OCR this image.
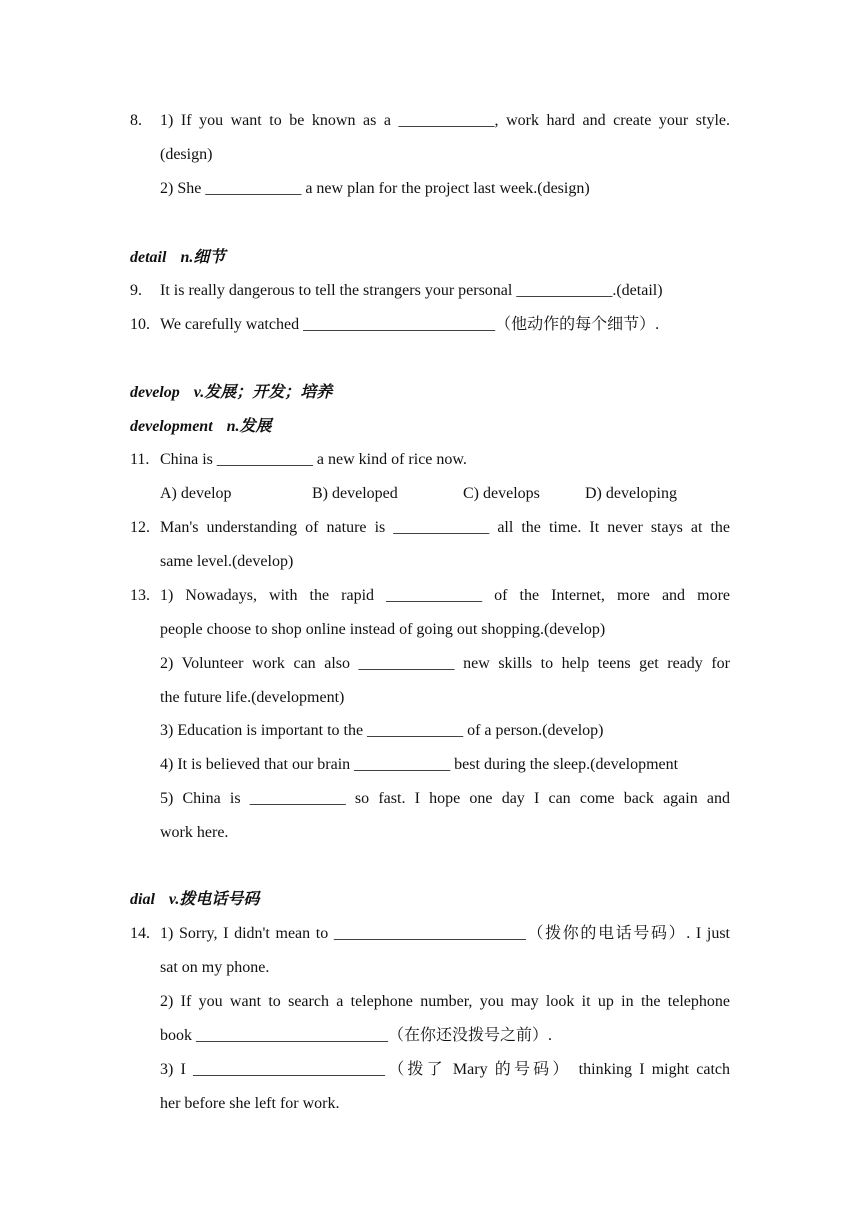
8. 1) If you want to be known as a ____________, work hard and create your style.
(design)
2) She ____________ a new plan for the project last week.(design)
9. It is really dangerous to tell the strangers your personal ____________.(detail)
10. We carefully watched ________________________（他动作的每个细节）.
11. China is ____________ a new kind of rice now.
12. Man's understanding of nature is ____________ all the time. It never stays at the
same level.(develop)
13. 1) Nowadays, with the rapid ____________ of the Internet, more and more
people choose to shop online instead of going out shopping.(develop)
2) Volunteer work can also ____________ new skills to help teens get ready for
the future life.(development)
3) Education is important to the ____________ of a person.(develop)
4) It is believed that our brain ____________ best during the sleep.(development
5) China is ____________ so fast. I hope one day I can come back again and
work here.
14. 1) Sorry, I didn't mean to ________________________（拨你的电话号码）. I just
sat on my phone.
2) If you want to search a telephone number, you may look it up in the telephone
book ________________________（在你还没拨号之前）.
3) I ________________________（拨了 Mary 的号码） thinking I might catch
her before she left for work.
detail n.细节
develop v.发展；开发；培养
development n.发展
dial v.拨电话号码
A) develop	B) developed	C) develops	D) developing
